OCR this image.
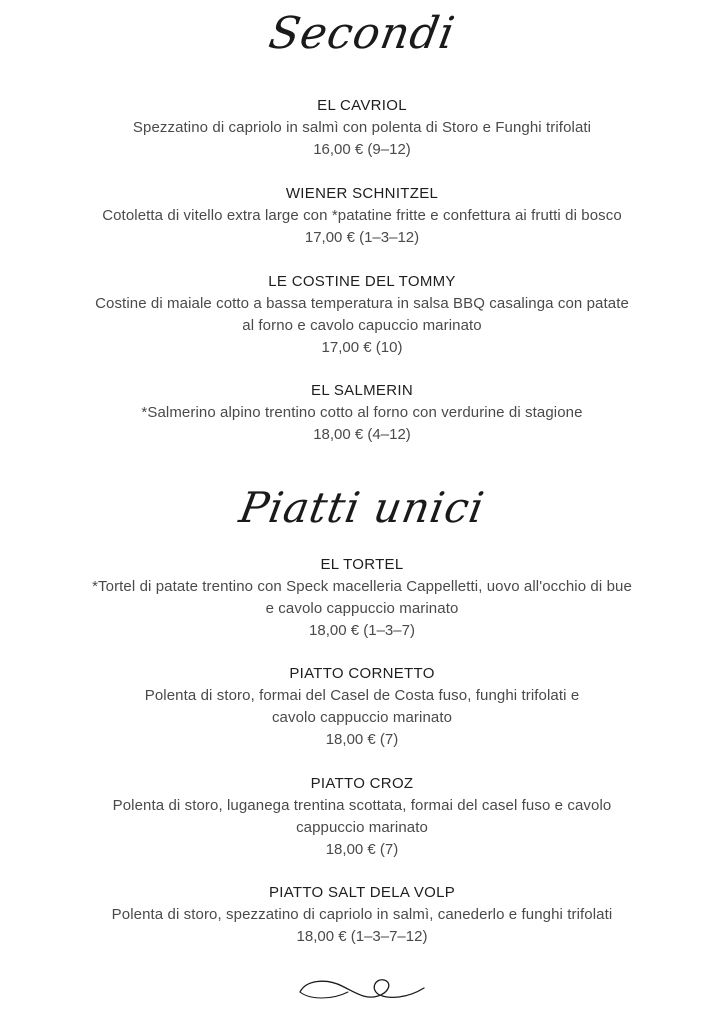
Secondi
EL CAVRIOL
Spezzatino di capriolo in salmì con polenta di Storo e Funghi trifolati
16,00 € (9–12)
WIENER SCHNITZEL
Cotoletta di vitello extra large con *patatine fritte e confettura ai frutti di bosco
17,00 € (1–3–12)
LE COSTINE DEL TOMMY
Costine di maiale cotto a bassa temperatura in salsa BBQ casalinga con patate
al forno e cavolo capuccio marinato
17,00 € (10)
EL SALMERIN
*Salmerino alpino trentino cotto al forno con verdurine di stagione
18,00 € (4–12)
Piatti unici
EL TORTEL
*Tortel di patate trentino con Speck macelleria Cappelletti, uovo all'occhio di bue
e cavolo cappuccio marinato
18,00 € (1–3–7)
PIATTO CORNETTO
Polenta di storo, formai del Casel de Costa fuso, funghi trifolati e
cavolo cappuccio marinato
18,00 € (7)
PIATTO CROZ
Polenta di storo, luganega trentina scottata, formai del casel fuso e cavolo
cappuccio marinato
18,00 € (7)
PIATTO SALT DELA VOLP
Polenta di storo, spezzatino di capriolo in salmì, canederlo e funghi trifolati
18,00 € (1–3–7–12)
